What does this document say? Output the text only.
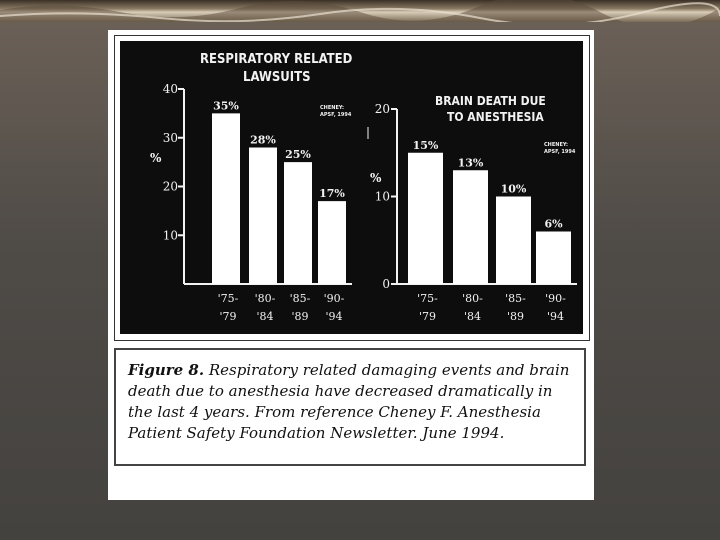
RESPIRATORY RELATED
LAWSUITS
CHENEY:
APSF, 1994
%
10
20
30
40
35%
'75-
'79
28%
'80-
'84
25%
'85-
'89
17%
'90-
'94
BRAIN DEATH DUE
TO ANESTHESIA
CHENEY:
APSF, 1994
%
0
10
20
15%
'75-
'79
13%
'80-
'84
10%
'85-
'89
6%
'90-
'94
Figure 8. Respiratory related damaging events and brain death due to anesthesia have decreased dramatically in the last 4 years. From reference Cheney F. Anesthesia Patient Safety Foundation Newsletter. June 1994.
